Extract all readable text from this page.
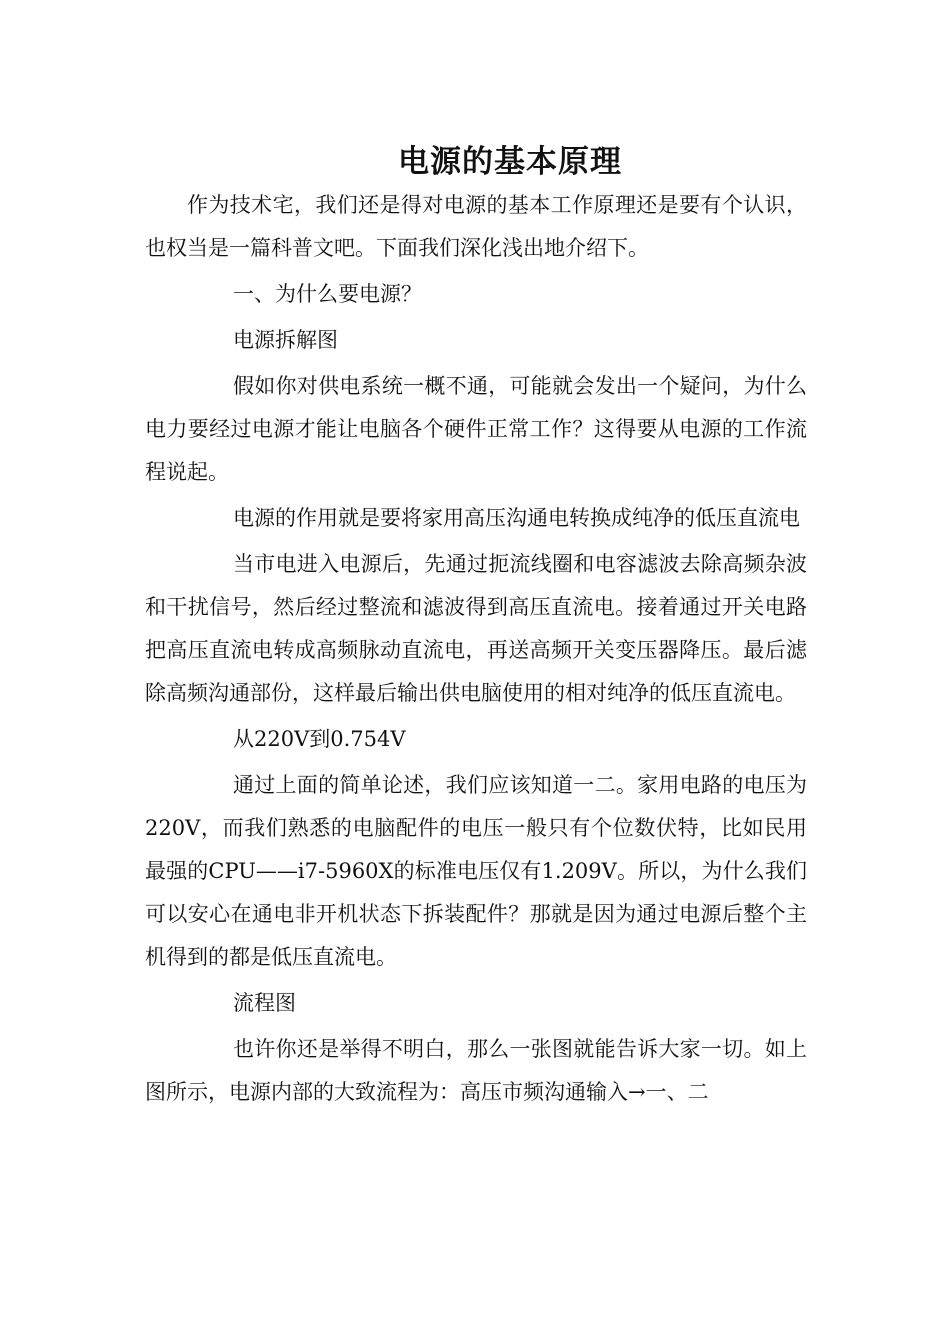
电源的基本原理

作为技术宅，我们还是得对电源的基本工作原理还是要有个认识，也权当是一篇科普文吧。下面我们深化浅出地介绍下。

一、为什么要电源？

电源拆解图

假如你对供电系统一概不通，可能就会发出一个疑问，为什么电力要经过电源才能让电脑各个硬件正常工作？这得要从电源的工作流程说起。

电源的作用就是要将家用高压沟通电转换成纯净的低压直流电

当市电进入电源后，先通过扼流线圈和电容滤波去除高频杂波和干扰信号，然后经过整流和滤波得到高压直流电。接着通过开关电路把高压直流电转成高频脉动直流电，再送高频开关变压器降压。最后滤除高频沟通部份，这样最后输出供电脑使用的相对纯净的低压直流电。

从220V到0.754V

通过上面的简单论述，我们应该知道一二。家用电路的电压为220V，而我们熟悉的电脑配件的电压一般只有个位数伏特，比如民用最强的CPU——i7-5960X的标准电压仅有1.209V。所以，为什么我们可以安心在通电非开机状态下拆装配件？那就是因为通过电源后整个主机得到的都是低压直流电。

流程图

也许你还是举得不明白，那么一张图就能告诉大家一切。如上图所示，电源内部的大致流程为：高压市频沟通输入→一、二
